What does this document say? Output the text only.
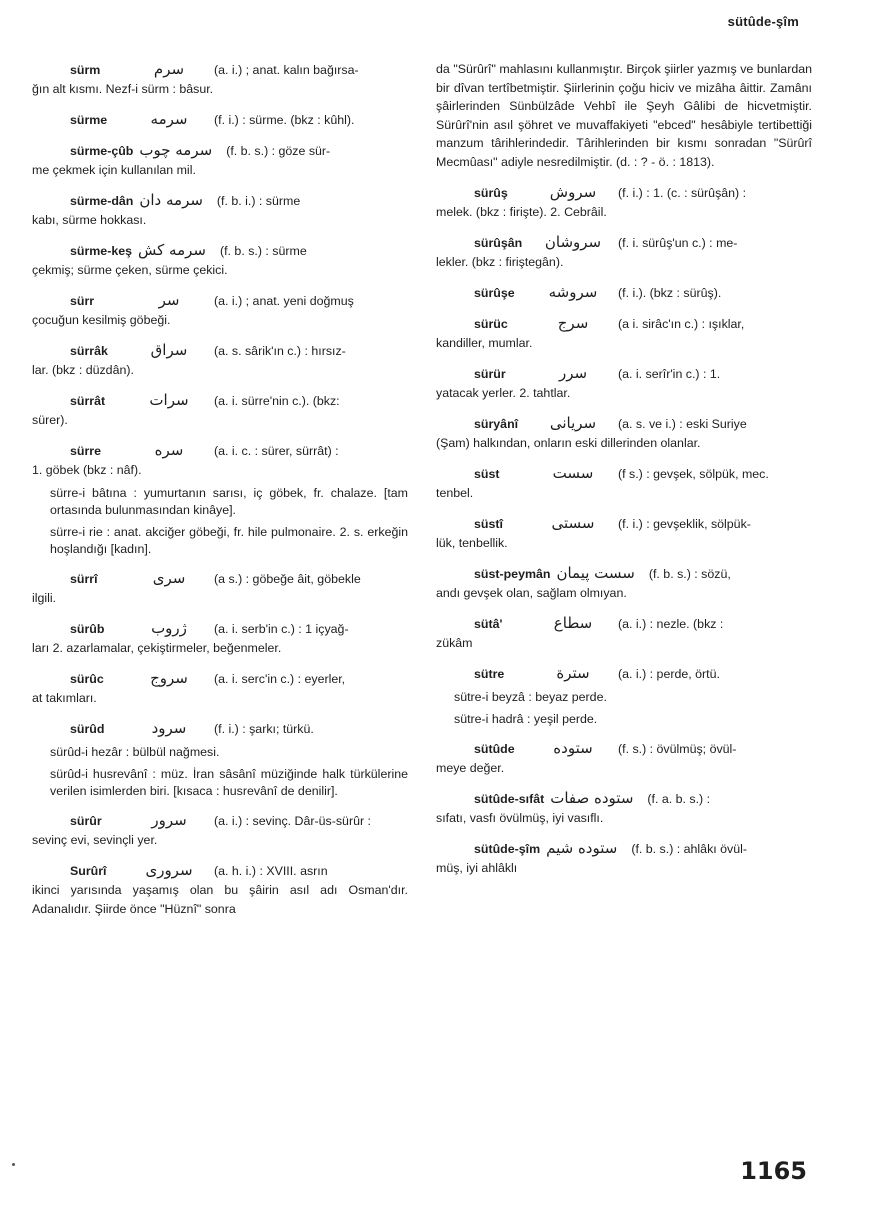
sütûde-şîm
sürm	سرم	(a. i.) ; anat. kalın bağırsa-
ğın alt kısmı. Nezf-i sürm : bâsur.
sürme	سرمه	(f. i.) : sürme. (bkz : kûhl).
sürme-çûb سرمه چوب (f. b. s.) : göze sür-
me çekmek için kullanılan mil.
sürme-dân سرمه دان (f. b. i.) : sürme
kabı, sürme hokkası.
sürme-keş سرمه کش (f. b. s.) : sürme
çekmiş; sürme çeken, sürme çekici.
sürr	سر	(a. i.) ; anat. yeni doğmuş
çocuğun kesilmiş göbeği.
sürrâk	سراق	(a. s. sârik'ın c.) : hırsız-
lar. (bkz : düzdân).
sürrât	سرات	(a. i. sürre'nin c.). (bkz:
sürer).
sürre	سره	(a. i. c. : sürer, sürrât) :
1. göbek (bkz : nâf).
sürre-i bâtına : yumurtanın sarısı, iç göbek, fr. chalaze. [tam ortasında bulunmasından kinâye].
sürre-i rie : anat. akciğer göbeği, fr. hile pulmonaire. 2. s. erkeğin hoşlandığı [kadın].
sürrî	سری	(a s.) : göbeğe âit, göbekle
ilgili.
sürûb	ژروب	(a. i. serb'in c.) : 1 içyağ-
ları 2. azarlamalar, çekiştirmeler, beğenmeler.
sürûc	سروج	(a. i. serc'in c.) : eyerler,
at takımları.
sürûd	سرود	(f. i.) : şarkı; türkü.
sürûd-i hezâr : bülbül nağmesi.
sürûd-i husrevânî : müz. İran sâsânî müziğinde halk türkülerine verilen isimlerden biri. [kısaca : husrevânî de denilir].
sürûr	سرور	(a. i.) : sevinç. Dâr-üs-sürûr :
sevinç evi, sevinçli yer.
Surûrî	سروری	(a. h. i.) : XVIII. asrın
ikinci yarısında yaşamış olan bu şâirin asıl adı Osman'dır. Adanalıdır. Şiirde önce "Hüznî" sonra
da "Sürûrî" mahlasını kullanmıştır. Birçok şiirler yazmış ve bunlardan bir dîvan tertîbetmiştir. Şiirlerinin çoğu hiciv ve mizâha âittir. Zamânı şâirlerinden Sünbülzâde Vehbî ile Şeyh Gâlibi de hicvetmiştir. Sürûrî'nin asıl şöhret ve muvaffakiyeti "ebced" hesâbiyle tertibettiği manzum târihlerindedir. Târihlerinden bir kısmı sonradan "Sürûrî Mecmûası" adiyle nesredilmiştir. (d. : ? - ö. : 1813).
sürûş	سروش	(f. i.) : 1. (c. : sürûşân) :
melek. (bkz : firişte). 2. Cebrâil.
sürûşân	سروشان (f. i. sürûş'un c.) : me-
lekler. (bkz : firiştegân).
sürûşe	سروشه	(f. i.). (bkz : sürûş).
sürüc	سرج	(a i. sirâc'ın c.) : ışıklar,
kandiller, mumlar.
sürür	سرر	(a. i. serîr'in c.) : 1.
yatacak yerler. 2. tahtlar.
süryânî	سریانی	(a. s. ve i.) : eski Suriye
(Şam) halkından, onların eski dillerinden olanlar.
süst	سست	(f s.) : gevşek, sölpük, mec.
tenbel.
süstî	سستی	(f. i.) : gevşeklik, sölpük-
lük, tenbellik.
süst-peymân سست پیمان (f. b. s.) : sözü,
andı gevşek olan, sağlam olmıyan.
sütâ'	سطاع	(a. i.) : nezle. (bkz :
zükâm
sütre	سترة	(a. i.) : perde, örtü.
sütre-i beyzâ : beyaz perde.
sütre-i hadrâ : yeşil perde.
sütûde	ستوده	(f. s.) : övülmüş; övül-
meye değer.
sütûde-sıfât ستوده صفات (f. a. b. s.) :
sıfatı, vasfı övülmüş, iyi vasıflı.
sütûde-şîm ستوده شیم (f. b. s.) : ahlâkı övül-
müş, iyi ahlâklı
1165
